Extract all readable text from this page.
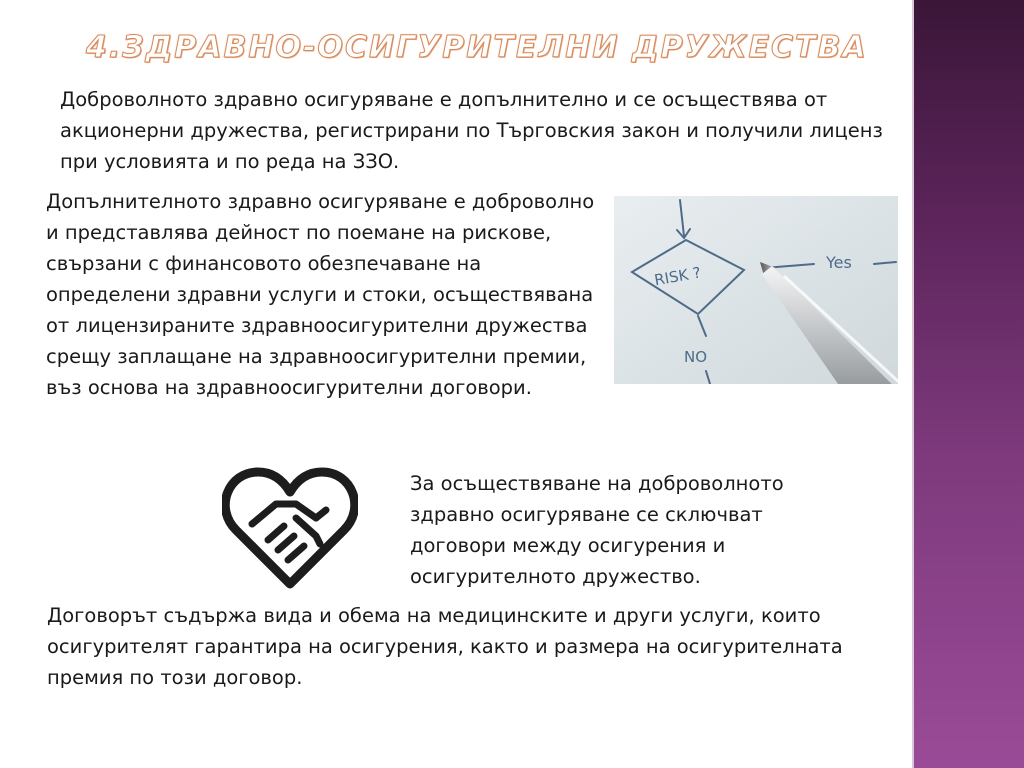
4.ЗДРАВНО-ОСИГУРИТЕЛНИ ДРУЖЕСТВА

Доброволното здравно осигуряване е допълнително и се осъществява от акционерни дружества, регистрирани по Търговския закон и получили лиценз при условията и по реда на ЗЗО.

Допълнителното здравно осигуряване е доброволно и представлява дейност по поемане на рискове, свързани с финансовото обезпечаване на определени здравни услуги и стоки, осъществявана от лицензираните здравноосигурителни дружества срещу заплащане на здравноосигурителни премии, въз основа на здравноосигурителни договори.

RISK ?
Yes
NO

За осъществяване на доброволното здравно осигуряване се сключват договори между осигурения и осигурителното дружество.

Договорът съдържа вида и обема на медицинските и други услуги, които осигурителят гарантира на осигурения, както и размера на осигурителната премия по този договор.
